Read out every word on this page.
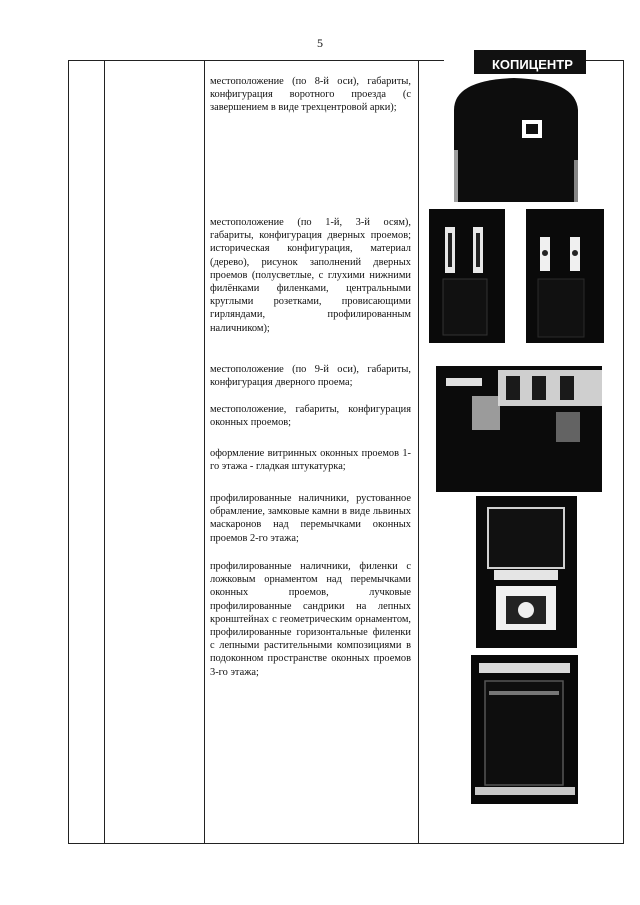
5

местоположение (по 8-й оси), габариты, конфигурация воротного проезда (с завершением в виде трехцентровой арки);

местоположение (по 1-й, 3-й осям), габариты, конфигурация дверных проемов; историческая конфигурация, материал (дерево), рисунок заполнений дверных проемов (полусветлые, с глухими нижними филёнками филенками, центральными круглыми розетками, провисающими гирляндами, профилированным наличником);

местоположение (по 9-й оси), габариты, конфигурация дверного проема;

местоположение, габариты, конфигурация оконных проемов;

оформление витринных оконных проемов 1-го этажа - гладкая штукатурка;

профилированные наличники, рустованное обрамление, замковые камни в виде львиных маскаронов над перемычками оконных проемов 2-го этажа;

профилированные наличники, филенки с ложковым орнаментом над перемычками оконных проемов, лучковые профилированные сандрики на лепных кронштейнах с геометрическим орнаментом, профилированные горизонтальные филенки с лепными растительными композициями в подоконном пространстве оконных проемов 3-го этажа;

КОПИЦЕНТР
